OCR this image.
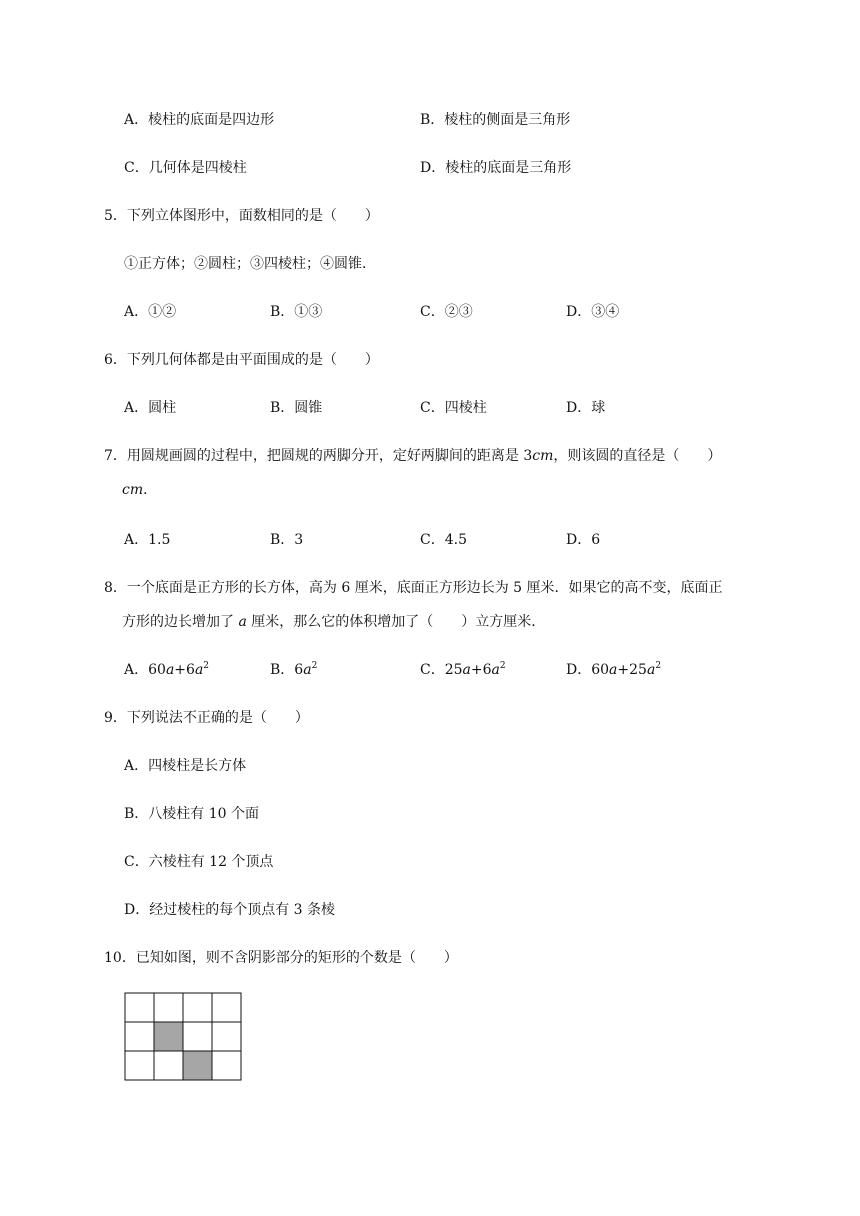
A．棱柱的底面是四边形	B．棱柱的侧面是三角形
C．几何体是四棱柱	D．棱柱的底面是三角形
5．下列立体图形中，面数相同的是（　　）
①正方体；②圆柱；③四棱柱；④圆锥．
A．①②	B．①③	C．②③	D．③④
6．下列几何体都是由平面围成的是（　　）
A．圆柱	B．圆锥	C．四棱柱	D．球
7．用圆规画圆的过程中，把圆规的两脚分开，定好两脚间的距离是 3cm，则该圆的直径是（　　）
cm．
A．1.5	B．3	C．4.5	D．6
8．一个底面是正方形的长方体，高为 6 厘米，底面正方形边长为 5 厘米．如果它的高不变，底面正
方形的边长增加了 a 厘米，那么它的体积增加了（　　）立方厘米．
A．$60a+6a^2$	B．$6a^2$	C．$25a+6a^2$	D．$60a+25a^2$
9．下列说法不正确的是（　　）
A．四棱柱是长方体
B．八棱柱有 10 个面
C．六棱柱有 12 个顶点
D．经过棱柱的每个顶点有 3 条棱
10．已知如图，则不含阴影部分的矩形的个数是（　　）
